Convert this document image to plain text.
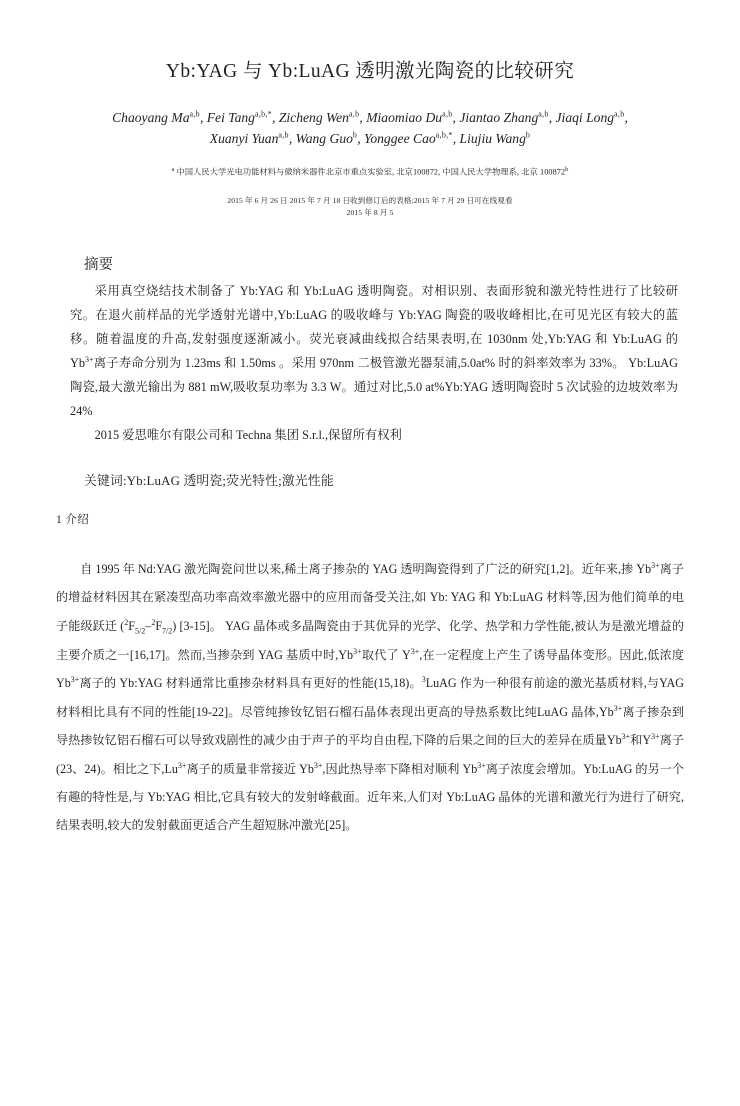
Yb:YAG 与 Yb:LuAG 透明激光陶瓷的比较研究
Chaoyang Ma$^{a,b}$, Fei Tang$^{a,b,*}$, Zicheng Wen$^{a,b}$, Miaomiao Du$^{a,b}$, Jiantao Zhang$^{a,b}$, Jiaqi Long$^{a,b}$,
Xuanyi Yuan$^{a,b}$, Wang Guo$^b$, Yonggee Cao$^{a,b,*}$, Liujiu Wang$^b$
$^a$ 中国人民大学光电功能材料与微纳米器件北京市重点实验室, 北京100872, 中国人民大学物理系, 北京 100872$^b$
2015 年 6 月 26 日 2015 年 7 月 18 日收到修订后的表格;2015 年 7 月 29 日可在线观看
2015 年 8 月 5
摘要

采用真空烧结技术制备了 Yb:YAG 和 Yb:LuAG 透明陶瓷。对相识别、表面形貌和激光特性进行了比较研究。在退火前样品的光学透射光谱中,Yb:LuAG 的吸收峰与 Yb:YAG 陶瓷的吸收峰相比,在可见光区有较大的蓝移。随着温度的升高,发射强度逐渐减小。荧光衰减曲线拟合结果表明,在 1030nm 处,Yb:YAG 和 Yb:LuAG 的 $Yb^{3+}$离子寿命分别为 1.23ms 和 1.50ms 。采用 970nm 二极管激光器泵浦,5.0at% 时的斜率效率为 33%。 Yb:LuAG 陶瓷,最大激光输出为 881 mW,吸收泵功率为 3.3 W。通过对比,5.0 at%Yb:YAG 透明陶瓷时 5 次试验的边坡效率为 24%

2015 爱思唯尔有限公司和 Techna 集团 S.r.l.,保留所有权利

关键词:Yb:LuAG 透明瓷;荧光特性;激光性能
1 介绍
自 1995 年 Nd:YAG 激光陶瓷问世以来,稀土离子掺杂的 YAG 透明陶瓷得到了广泛的研究[1,2]。近年来,掺 $Yb^{3+}$离子的增益材料因其在紧凑型高功率高效率激光器中的应用而备受关注,如 Yb: YAG 和 Yb:LuAG 材料等,因为他们简单的电子能级跃迁 $(^2F_{5/2}-^2F_{7/2})$ [3-15]。 YAG 晶体或多晶陶瓷由于其优异的光学、化学、热学和力学性能,被认为是激光增益的主要介质之一[16,17]。然而,当掺杂到 YAG 基质中时$,Yb^{3+}$取代了 $Y^{3+}$,在一定程度上产生了诱导晶体变形。因此,低浓度 $Yb^{3+}$离子的 Yb:YAG 材料通常比重掺杂材料具有更好的性能(15,18)。$^3$LuAG 作为一种很有前途的激光基质材料,与YAG材料相比具有不同的性能[19-22]。尽管纯掺钕钇铝石榴石晶体表现出更高的导热系数比纯LuAG 晶体$,Yb^{3+}$离子掺杂到导热掺钕钇铝石榴石可以导致戏剧性的减少由于声子的平均自由程,下降的后果之间的巨大的差异在质量$Yb^{3+}$和$Y^{3+}$离子(23、24)。相比之下$,Lu^{3+}$离子的质量非常接近 $Yb^{3+}$,因此热导率下降相对顺利 $Yb^{3+}$离子浓度会增加。Yb:LuAG 的另一个有趣的特性是,与 Yb:YAG 相比,它具有较大的发射峰截面。近年来,人们对 Yb:LuAG 晶体的光谱和激光行为进行了研究,结果表明,较大的发射截面更适合产生超短脉冲激光[25]。
